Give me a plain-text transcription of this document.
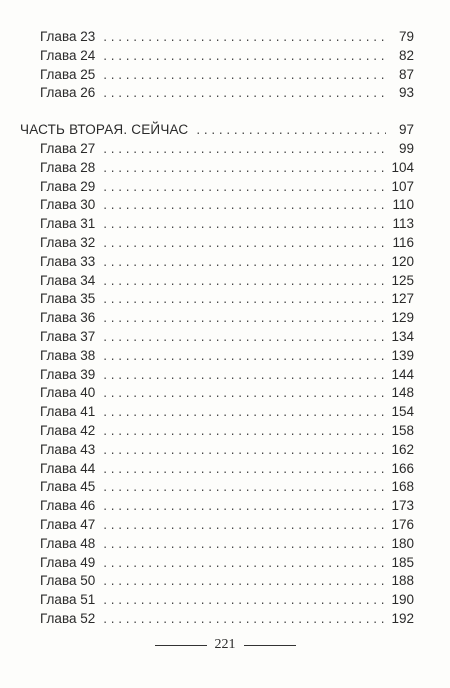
Глава 23 . . .	79
Глава 24 . . .	82
Глава 25 . . .	87
Глава 26 . . .	93
ЧАСТЬ ВТОРАЯ. СЕЙЧАС . . .	97
Глава 27 . . .	99
Глава 28 . . .	104
Глава 29 . . .	107
Глава 30 . . .	110
Глава 31 . . .	113
Глава 32 . . .	116
Глава 33 . . .	120
Глава 34 . . .	125
Глава 35 . . .	127
Глава 36 . . .	129
Глава 37 . . .	134
Глава 38 . . .	139
Глава 39 . . .	144
Глава 40 . . .	148
Глава 41 . . .	154
Глава 42 . . .	158
Глава 43 . . .	162
Глава 44 . . .	166
Глава 45 . . .	168
Глава 46 . . .	173
Глава 47 . . .	176
Глава 48 . . .	180
Глава 49 . . .	185
Глава 50 . . .	188
Глава 51 . . .	190
Глава 52 . . .	192
221
